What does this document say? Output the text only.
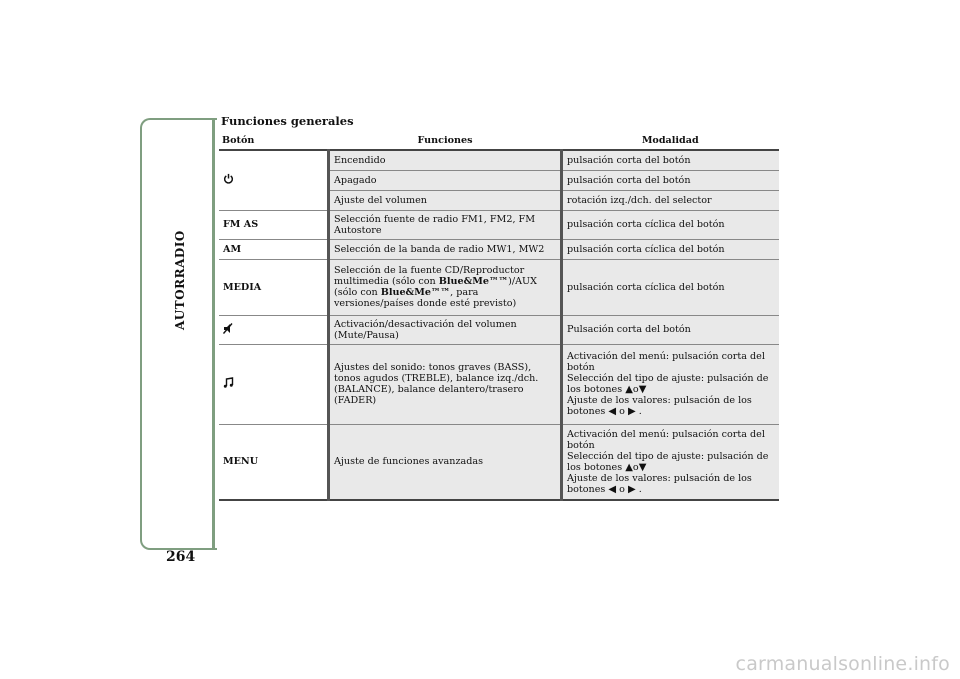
AUTORRADIO
264
Funciones generales
Botón	Funciones	Modalidad
	Encendido	pulsación corta del botón
	Apagado	pulsación corta del botón
	Ajuste del volumen	rotación izq./dch. del selector
FM AS	Selección fuente de radio FM1, FM2, FM Autostore	pulsación corta cíclica del botón
AM	Selección de la banda de radio MW1, MW2	pulsación corta cíclica del botón
MEDIA	Selección de la fuente CD/Reproductor multimedia (sólo con Blue&Me™™)/AUX (sólo con Blue&Me™™, para versiones/países donde esté previsto)	pulsación corta cíclica del botón
	Activación/desactivación del volumen (Mute/Pausa)	Pulsación corta del botón
	Ajustes del sonido: tonos graves (BASS), tonos agudos (TREBLE), balance izq./dch. (BALANCE), balance delantero/trasero (FADER)	Activación del menú: pulsación corta del botón
Selección del tipo de ajuste: pulsación de los botones ▲o▼
Ajuste de los valores: pulsación de los botones ◀ o ▶ .

MENU	Ajuste de funciones avanzadas	Activación del menú: pulsación corta del botón
Selección del tipo de ajuste: pulsación de los botones ▲o▼
Ajuste de los valores: pulsación de los botones ◀ o ▶ .
carmanualsonline.info
